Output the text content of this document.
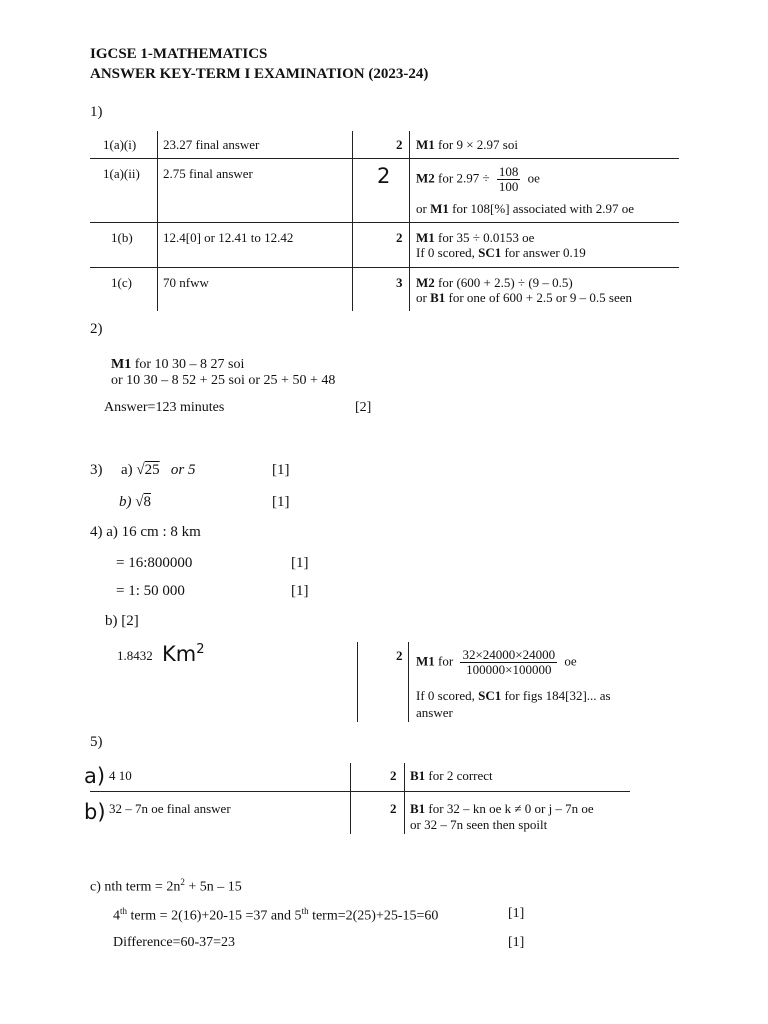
IGCSE 1-MATHEMATICS
ANSWER KEY-TERM I EXAMINATION (2023-24)
1)
1(a)(i) 23.27 final answer	2 M1 for 9 × 2.97 soi
1(a)(ii) 2.75 final answer	2 M2 for $2.97 \div \frac{108}{100}$ oe
or M1 for 108[%] associated with 2.97 oe
1(b) 12.4[0] or 12.41 to 12.42	2 M1 for 35 ÷ 0.0153 oe
If 0 scored, SC1 for answer 0.19
1(c) 70 nfww	3 M2 for (600 + 2.5) ÷ (9 – 0.5)
or B1 for one of 600 + 2.5 or 9 – 0.5 seen
2)
M1 for 10 30 – 8 27 soi
or 10 30 – 8 52 + 25 soi or 25 + 50 + 48
Answer=123 minutes	[2]
3) a) √25 or 5	[1]
b) √8	[1]
4) a) 16 cm : 8 km
= 16:800000	[1]
= 1: 50 000	[1]
b) [2]
1.8432 Km$^2$	2 M1 for $\frac{32\times 24000\times 24000}{100000\times 100000}$ oe
If 0 scored, SC1 for figs 184[32]... as
answer
5)
a) 4 10	2 B1 for 2 correct
b) 32 – 7n oe final answer	2 B1 for 32 – kn oe k ≠ 0 or j – 7n oe
or 32 – 7n seen then spoilt
c) nth term = $2n^2 + 5n - 15$
4th term = 2(16)+20-15 =37 and 5th term=2(25)+25-15=60	[1]
Difference=60-37=23	[1]
